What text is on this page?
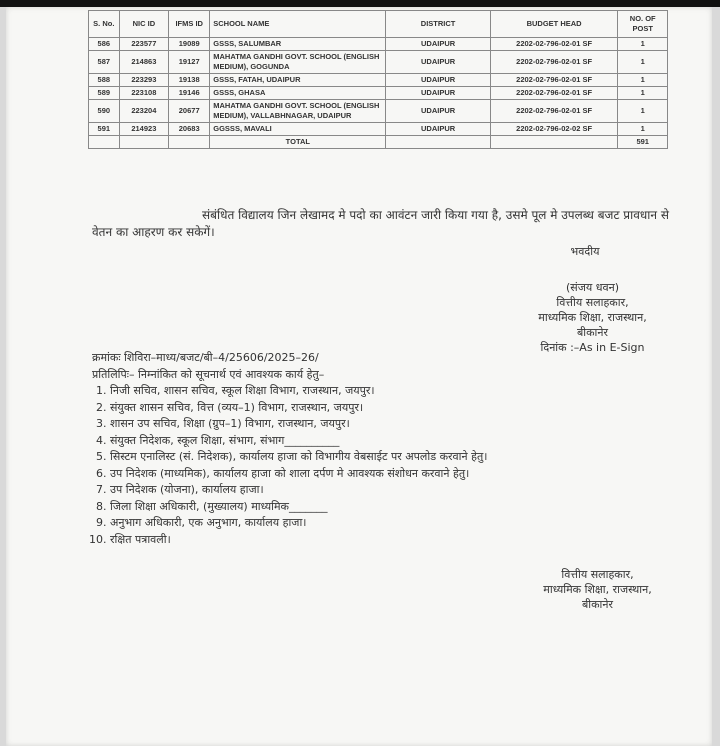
S. No.	NIC ID	IFMS ID	SCHOOL NAME	DISTRICT	BUDGET HEAD	NO. OF POST
586	223577	19089	GSSS, SALUMBAR	UDAIPUR	2202-02-796-02-01 SF	1
587	214863	19127	MAHATMA GANDHI GOVT. SCHOOL (ENGLISH MEDIUM), GOGUNDA	UDAIPUR	2202-02-796-02-01 SF	1
588	223293	19138	GSSS, FATAH, UDAIPUR	UDAIPUR	2202-02-796-02-01 SF	1
589	223108	19146	GSSS, GHASA	UDAIPUR	2202-02-796-02-01 SF	1
590	223204	20677	MAHATMA GANDHI GOVT. SCHOOL (ENGLISH MEDIUM), VALLABHNAGAR, UDAIPUR	UDAIPUR	2202-02-796-02-01 SF	1
591	214923	20683	GGSSS, MAVALI	UDAIPUR	2202-02-796-02-02 SF	1
			TOTAL			591
संबंधित विद्यालय जिन लेखामद मे पदो का आवंटन जारी किया गया है, उसमे पूल मे उपलब्ध बजट प्रावधान से वेतन का आहरण कर सकेगें।
भवदीय
(संजय धवन)
वित्तीय सलाहकार,
माध्यमिक शिक्षा, राजस्थान,
बीकानेर
दिनांक :–As in E-Sign
क्रमांकः शिविरा–माध्य/बजट/बी–4/25606/2025–26/
प्रतिलिपिः– निम्नांकित को सूचनार्थ एवं आवश्यक कार्य हेतु–
1. निजी सचिव, शासन सचिव, स्कूल शिक्षा विभाग, राजस्थान, जयपुर।
2. संयुक्त शासन सचिव, वित्त (व्यय–1) विभाग, राजस्थान, जयपुर।
3. शासन उप सचिव, शिक्षा (ग्रुप–1) विभाग, राजस्थान, जयपुर।
4. संयुक्त निदेशक, स्कूल शिक्षा, संभाग, संभाग__________
5. सिस्टम एनालिस्ट (सं. निदेशक), कार्यालय हाजा को विभागीय वेबसाईट पर अपलोड करवाने हेतु।
6. उप निदेशक (माध्यमिक), कार्यालय हाजा को शाला दर्पण मे आवश्यक संशोधन करवाने हेतु।
7. उप निदेशक (योजना), कार्यालय हाजा।
8. जिला शिक्षा अधिकारी, (मुख्यालय) माध्यमिक_______
9. अनुभाग अधिकारी, एक अनुभाग, कार्यालय हाजा।
10. रक्षित पत्रावली।
वित्तीय सलाहकार,
माध्यमिक शिक्षा, राजस्थान,
बीकानेर
